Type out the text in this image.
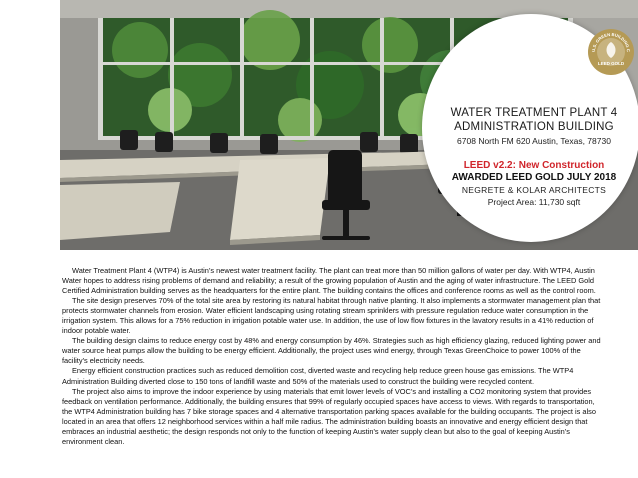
WATER TREATMENT PLANT 4
ADMINISTRATION BUILDING
6708 North FM 620 Austin, Texas, 78730
LEED v2.2: New Construction
AWARDED LEED GOLD JULY 2018
NEGRETE & KOLAR ARCHITECTS
Project Area: 11,730 sqft
U.S. GREEN BUILDING C
LEED GOLD

Water Treatment Plant 4 (WTP4) is Austin’s newest water treatment facility. The plant can treat more than 50 million gallons of water per day. With WTP4, Austin Water hopes to address rising problems of demand and reliability; a result of the growing population of Austin and the aging of water infrastructure. The LEED Gold Certified Administration building serves as the headquarters for the entire plant. The building contains the offices and conference rooms as well as the control room.

The site design preserves 70% of the total site area by restoring its natural habitat through native planting. It also implements a stormwater management plan that protects stormwater channels from erosion. Water efficient landscaping using rotating stream sprinklers with pressure regulation reduce water consumption in the irrigation system. This allows for a 75% reduction in irrigation potable water use. In addition, the use of low flow fixtures in the lavatory results in a 41% reduction of indoor potable water.

The building design claims to reduce energy cost by 48% and energy consumption by 46%. Strategies such as high efficiency glazing, reduced lighting power and water source heat pumps allow the building to be energy efficient. Additionally, the project uses wind energy, through Texas GreenChoice to power 100% of the facility’s electricity needs.

Energy efficient construction practices such as reduced demolition cost, diverted waste and recycling help reduce green house gas emissions. The WTP4 Administration Building diverted close to 150 tons of landfill waste and 50% of the materials used to construct the building were recycled content.

The project also aims to improve the indoor experience by using materials that emit lower levels of VOC’s and installing a CO2 monitoring system that provides feedback on ventilation performance. Additionally, the building ensures that 99% of regularly occupied spaces have access to views. With regards to transportation, the WTP4 Administration building has 7 bike storage spaces and 4 alternative transportation parking spaces available for the building occupants. The project is also located in an area that offers 12 neighborhood services within a half mile radius. The administration building boasts an innovative and energy efficient design that embraces an industrial aesthetic; the design responds not only to the function of keeping Austin’s water supply clean but also to the goal of keeping Austin’s environment clean.
